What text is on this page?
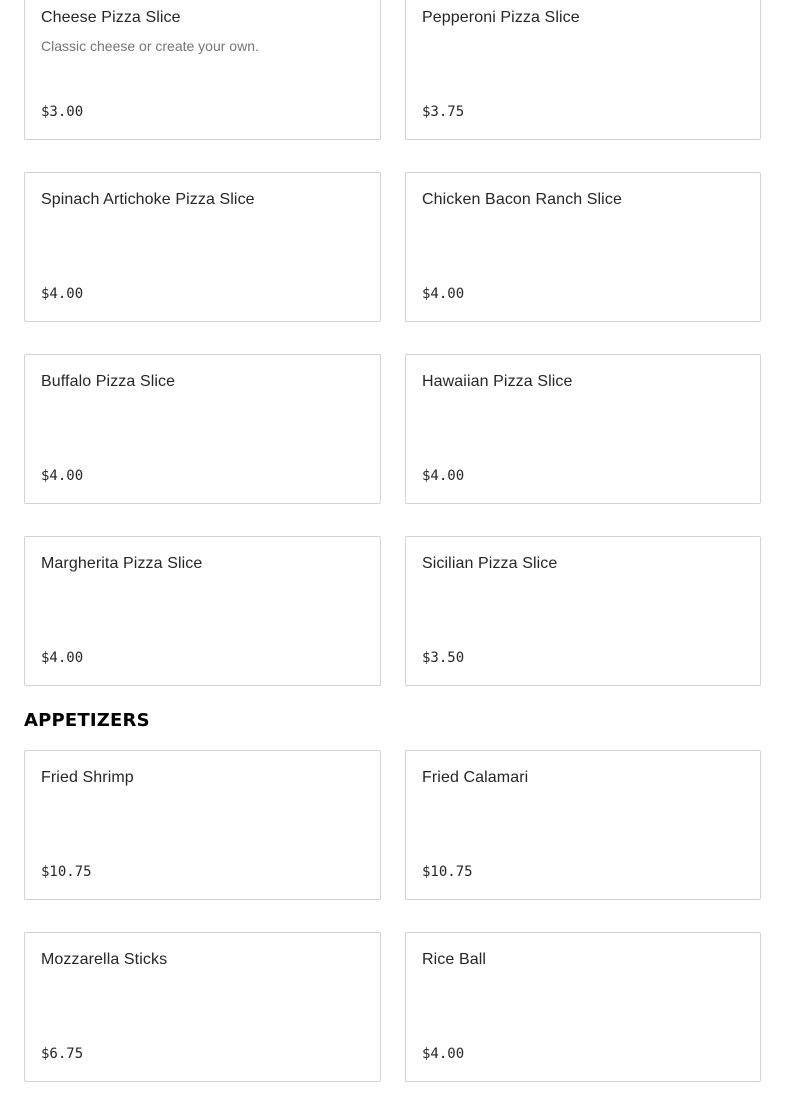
Cheese Pizza Slice
Classic cheese or create your own.
$3.00
Pepperoni Pizza Slice
$3.75
Spinach Artichoke Pizza Slice
$4.00
Chicken Bacon Ranch Slice
$4.00
Buffalo Pizza Slice
$4.00
Hawaiian Pizza Slice
$4.00
Margherita Pizza Slice
$4.00
Sicilian Pizza Slice
$3.50
APPETIZERS
Fried Shrimp
$10.75
Fried Calamari
$10.75
Mozzarella Sticks
$6.75
Rice Ball
$4.00
